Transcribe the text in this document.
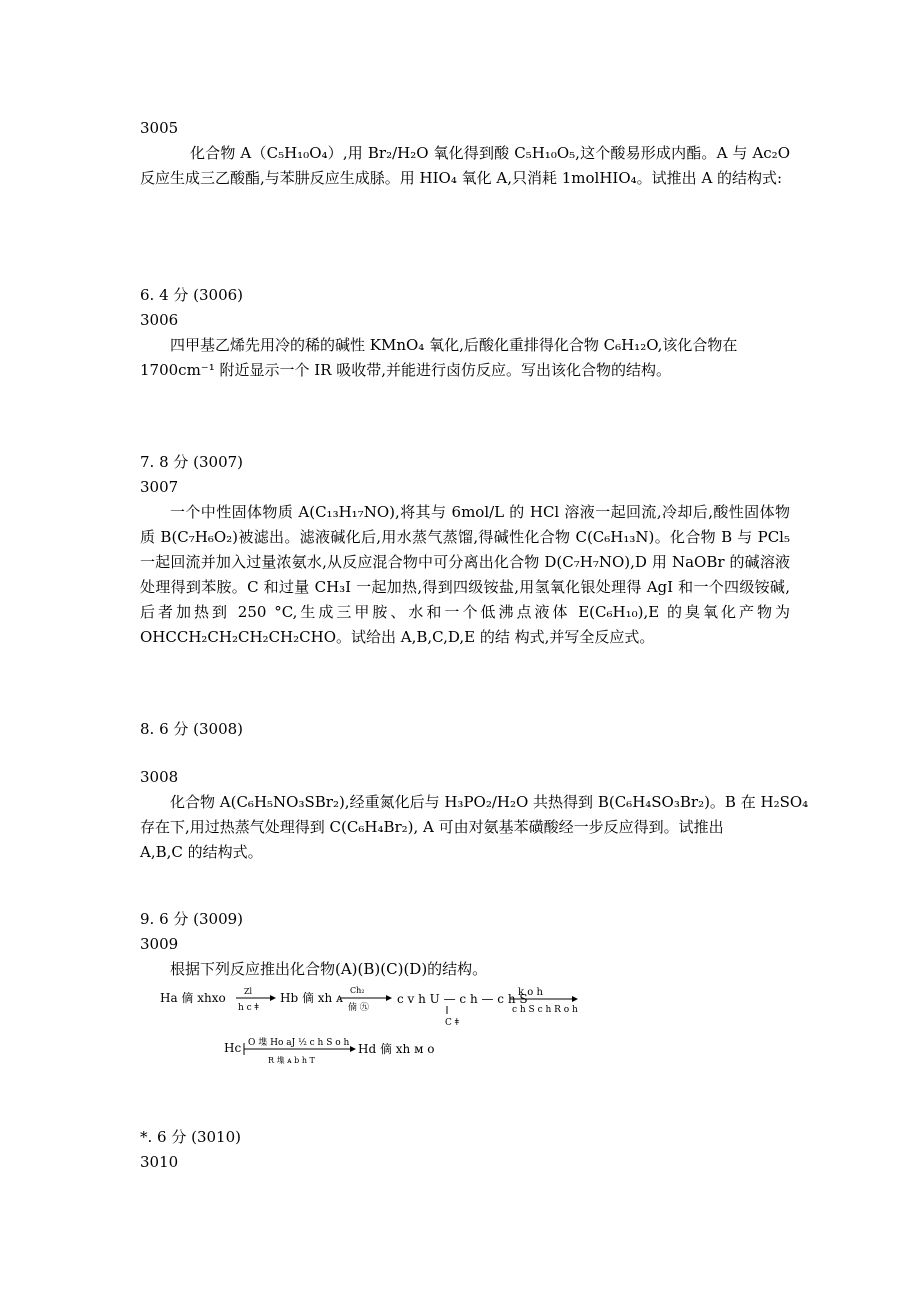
3005
化合物 A（C₅H₁₀O₄）,用 Br₂/H₂O 氧化得到酸 C₅H₁₀O₅,这个酸易形成内酯。A 与 Ac₂O 反应生成三乙酸酯,与苯肼反应生成脎。用 HIO₄ 氧化 A,只消耗 1molHIO₄。试推出 A 的结构式:
6. 4 分 (3006)
3006
四甲基乙烯先用冷的稀的碱性 KMnO₄ 氧化,后酸化重排得化合物 C₆H₁₂O,该化合物在
1700cm⁻¹ 附近显示一个 IR 吸收带,并能进行卤仿反应。写出该化合物的结构。
7. 8 分 (3007)
3007
一个中性固体物质 A(C₁₃H₁₇NO),将其与 6mol/L 的 HCl 溶液一起回流,冷却后,酸性固体物质 B(C₇H₆O₂)被滤出。滤液碱化后,用水蒸气蒸馏,得碱性化合物 C(C₆H₁₃N)。化合物 B 与 PCl₅ 一起回流并加入过量浓氨水,从反应混合物中可分离出化合物 D(C₇H₇NO),D 用 NaOBr 的碱溶液处理得到苯胺。C 和过量 CH₃I 一起加热,得到四级铵盐,用氢氧化银处理得 AgI 和一个四级铵碱,后者加热到 250 °C,生成三甲胺、水和一个低沸点液体 E(C₆H₁₀),E 的臭氧化产物为 OHCCH₂CH₂CH₂CH₂CHO。试给出 A,B,C,D,E 的结 构式,并写全反应式。
8. 6 分 (3008)
3008
化合物 A(C₆H₅NO₃SBr₂),经重氮化后与 H₃PO₂/H₂O 共热得到 B(C₆H₄SO₃Br₂)。B 在 H₂SO₄
存在下,用过热蒸气处理得到 C(C₆H₄Br₂), A 可由对氨基苯磺酸经一步反应得到。试推出
A,B,C 的结构式。
9. 6 分 (3009)
3009
根据下列反应推出化合物(A)(B)(C)(D)的结构。
Ha 㒀 xhxo Zl
h c ǂ
Hb 㒀 xh ᴀ
Ch₂
㑲 ㊈
c v h U — c h — c h S
C ǂ
k o h
c h S c h R o h
Hc O 㙫 Ho aJ ½ c h S o h
R 㙫 ᴀ b h T
Hd 㒀 xh ᴍ o
*. 6 分 (3010)
3010
